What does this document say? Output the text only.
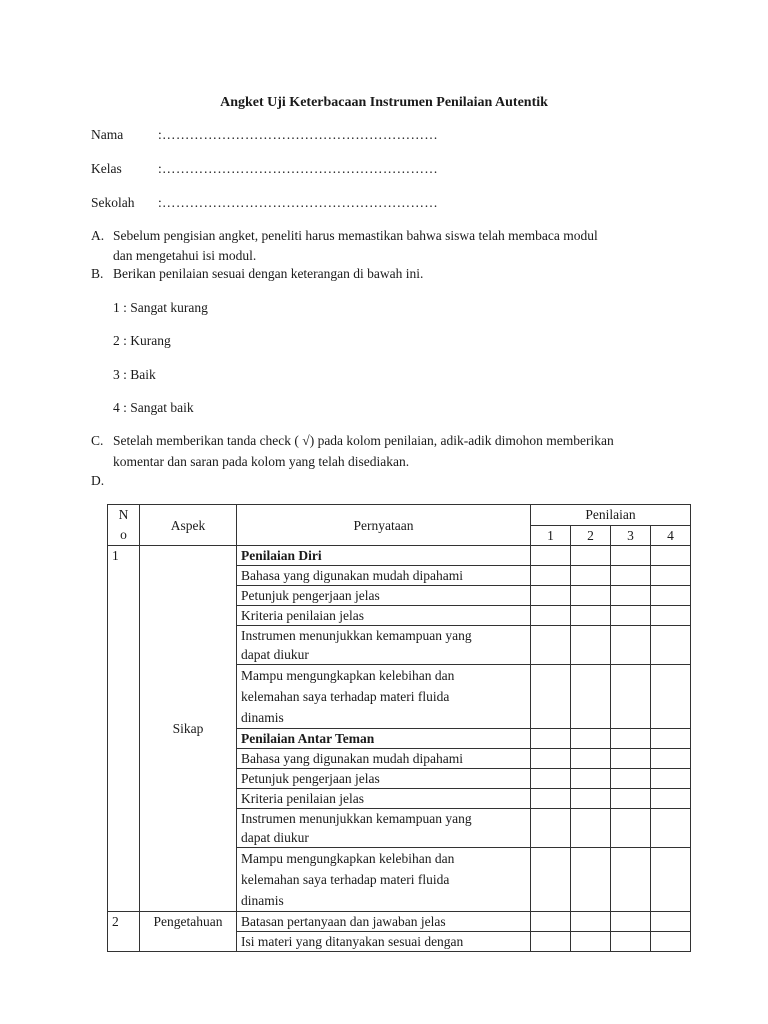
Angket Uji Keterbacaan Instrumen Penilaian Autentik
Nama	:……………………………………………………
Kelas	:……………………………………………………
Sekolah :……………………………………………………
A. Sebelum pengisian angket, peneliti harus memastikan bahwa siswa telah membaca modul
dan mengetahui isi modul.
B. Berikan penilaian sesuai dengan keterangan di bawah ini.
1 : Sangat kurang
2 : Kurang
3 : Baik
4 : Sangat baik
C. Setelah memberikan tanda check ( √) pada kolom penilaian, adik-adik dimohon memberikan
komentar dan saran pada kolom yang telah disediakan.
D.
N
o	Aspek	Pernyataan	Penilaian			
			1	2	3	4
1	Sikap	Penilaian Diri				
		Bahasa yang digunakan mudah dipahami				
		Petunjuk pengerjaan jelas				
		Kriteria penilaian jelas				

		Instrumen menunjukkan kemampuan yang
dapat diukur				

		Mampu mengungkapkan kelebihan dan
kelemahan saya terhadap materi fluida
dinamis				

		Penilaian Antar Teman				
		Bahasa yang digunakan mudah dipahami				
		Petunjuk pengerjaan jelas				
		Kriteria penilaian jelas				

		Instrumen menunjukkan kemampuan yang
dapat diukur				

		Mampu mengungkapkan kelebihan dan
kelemahan saya terhadap materi fluida
dinamis				

2	Pengetahuan	Batasan pertanyaan dan jawaban jelas				
		Isi materi yang ditanyakan sesuai dengan				
